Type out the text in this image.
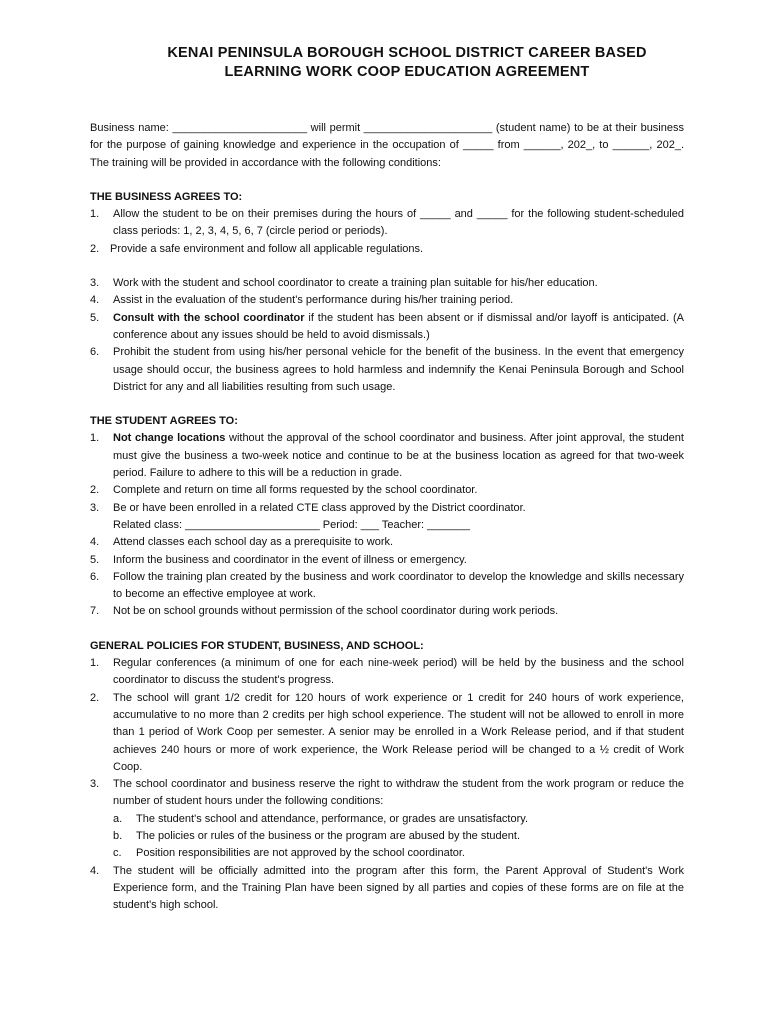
KENAI PENINSULA BOROUGH SCHOOL DISTRICT CAREER BASED
LEARNING WORK COOP EDUCATION AGREEMENT
Business name: ______________________ will permit _____________________ (student name) to be at their business for the purpose of gaining knowledge and experience in the occupation of _____ from ______, 202_, to ______, 202_. The training will be provided in accordance with the following conditions:
THE BUSINESS AGREES TO:
1. Allow the student to be on their premises during the hours of _____ and _____ for the following student-scheduled class periods: 1, 2, 3, 4, 5, 6, 7 (circle period or periods).
2. Provide a safe environment and follow all applicable regulations.
3. Work with the student and school coordinator to create a training plan suitable for his/her education.
4. Assist in the evaluation of the student's performance during his/her training period.
5. Consult with the school coordinator if the student has been absent or if dismissal and/or layoff is anticipated. (A conference about any issues should be held to avoid dismissals.)
6. Prohibit the student from using his/her personal vehicle for the benefit of the business. In the event that emergency usage should occur, the business agrees to hold harmless and indemnify the Kenai Peninsula Borough and School District for any and all liabilities resulting from such usage.
THE STUDENT AGREES TO:
1. Not change locations without the approval of the school coordinator and business. After joint approval, the student must give the business a two-week notice and continue to be at the business location as agreed for that two-week period. Failure to adhere to this will be a reduction in grade.
2. Complete and return on time all forms requested by the school coordinator.
3. Be or have been enrolled in a related CTE class approved by the District coordinator.
Related class: ______________________ Period: ___ Teacher: _______
4. Attend classes each school day as a prerequisite to work.
5. Inform the business and coordinator in the event of illness or emergency.
6. Follow the training plan created by the business and work coordinator to develop the knowledge and skills necessary to become an effective employee at work.
7. Not be on school grounds without permission of the school coordinator during work periods.
GENERAL POLICIES FOR STUDENT, BUSINESS, AND SCHOOL:
1. Regular conferences (a minimum of one for each nine-week period) will be held by the business and the school coordinator to discuss the student's progress.
2. The school will grant 1/2 credit for 120 hours of work experience or 1 credit for 240 hours of work experience, accumulative to no more than 2 credits per high school experience. The student will not be allowed to enroll in more than 1 period of Work Coop per semester. A senior may be enrolled in a Work Release period, and if that student achieves 240 hours or more of work experience, the Work Release period will be changed to a ½ credit of Work Coop.
3. The school coordinator and business reserve the right to withdraw the student from the work program or reduce the number of student hours under the following conditions:
a. The student's school and attendance, performance, or grades are unsatisfactory.
b. The policies or rules of the business or the program are abused by the student.
c. Position responsibilities are not approved by the school coordinator.
4. The student will be officially admitted into the program after this form, the Parent Approval of Student's Work Experience form, and the Training Plan have been signed by all parties and copies of these forms are on file at the student's high school.
